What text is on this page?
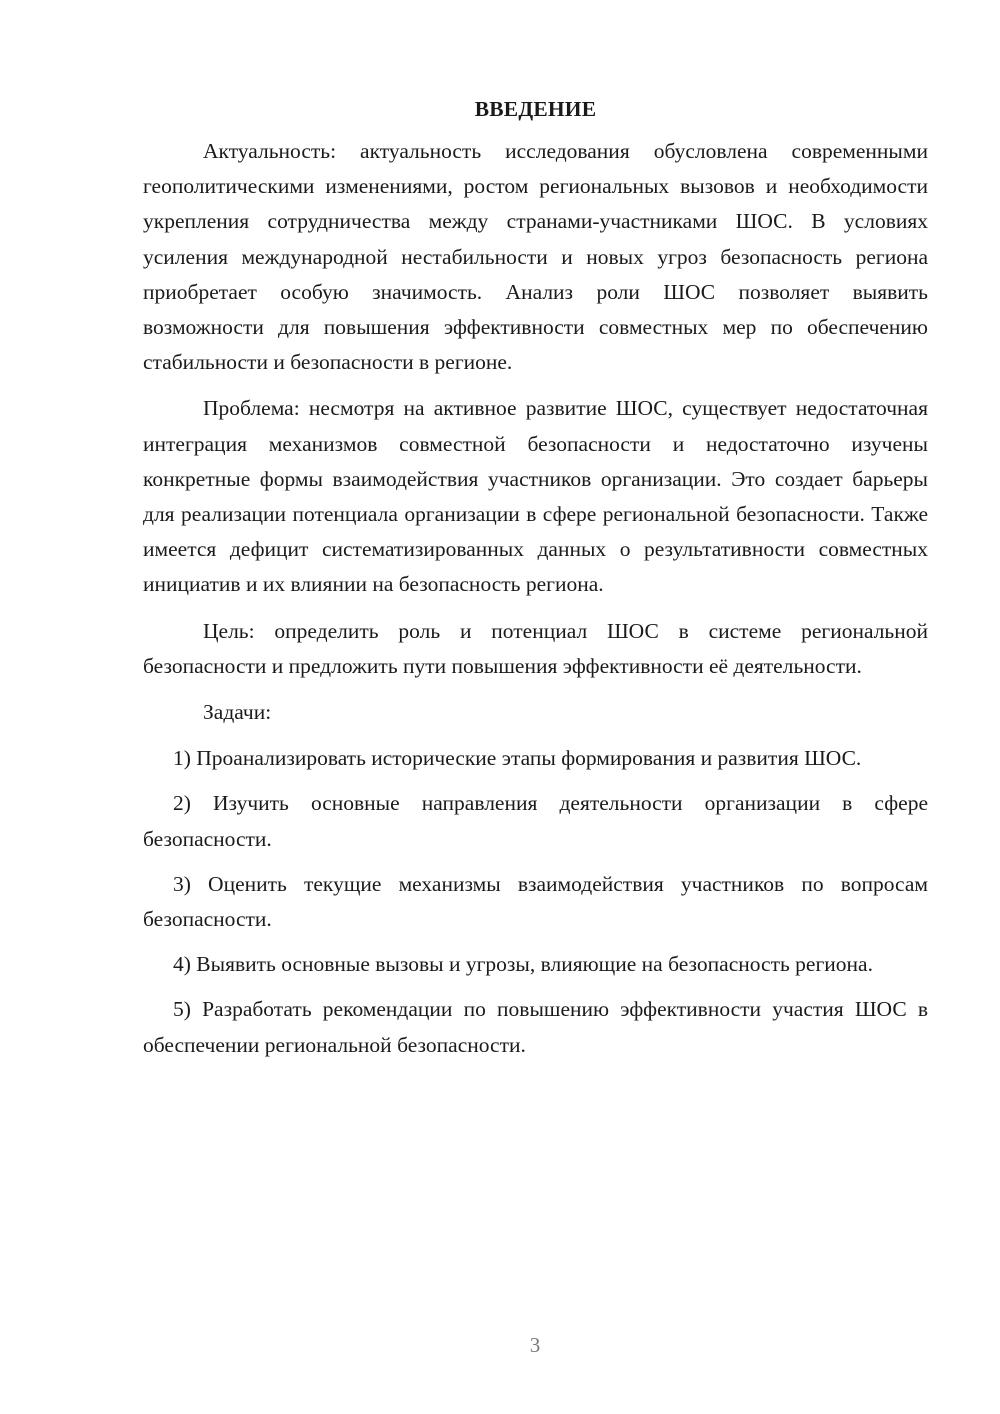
ВВЕДЕНИЕ

Актуальность: актуальность исследования обусловлена современными геополитическими изменениями, ростом региональных вызовов и необходимости укрепления сотрудничества между странами-участниками ШОС. В условиях усиления международной нестабильности и новых угроз безопасность региона приобретает особую значимость. Анализ роли ШОС позволяет выявить возможности для повышения эффективности совместных мер по обеспечению стабильности и безопасности в регионе.

Проблема: несмотря на активное развитие ШОС, существует недостаточная интеграция механизмов совместной безопасности и недостаточно изучены конкретные формы взаимодействия участников организации. Это создает барьеры для реализации потенциала организации в сфере региональной безопасности. Также имеется дефицит систематизированных данных о результативности совместных инициатив и их влиянии на безопасность региона.

Цель: определить роль и потенциал ШОС в системе региональной безопасности и предложить пути повышения эффективности её деятельности.

Задачи:

1) Проанализировать исторические этапы формирования и развития ШОС.

2) Изучить основные направления деятельности организации в сфере безопасности.

3) Оценить текущие механизмы взаимодействия участников по вопросам безопасности.

4) Выявить основные вызовы и угрозы, влияющие на безопасность региона.

5) Разработать рекомендации по повышению эффективности участия ШОС в обеспечении региональной безопасности.

3
